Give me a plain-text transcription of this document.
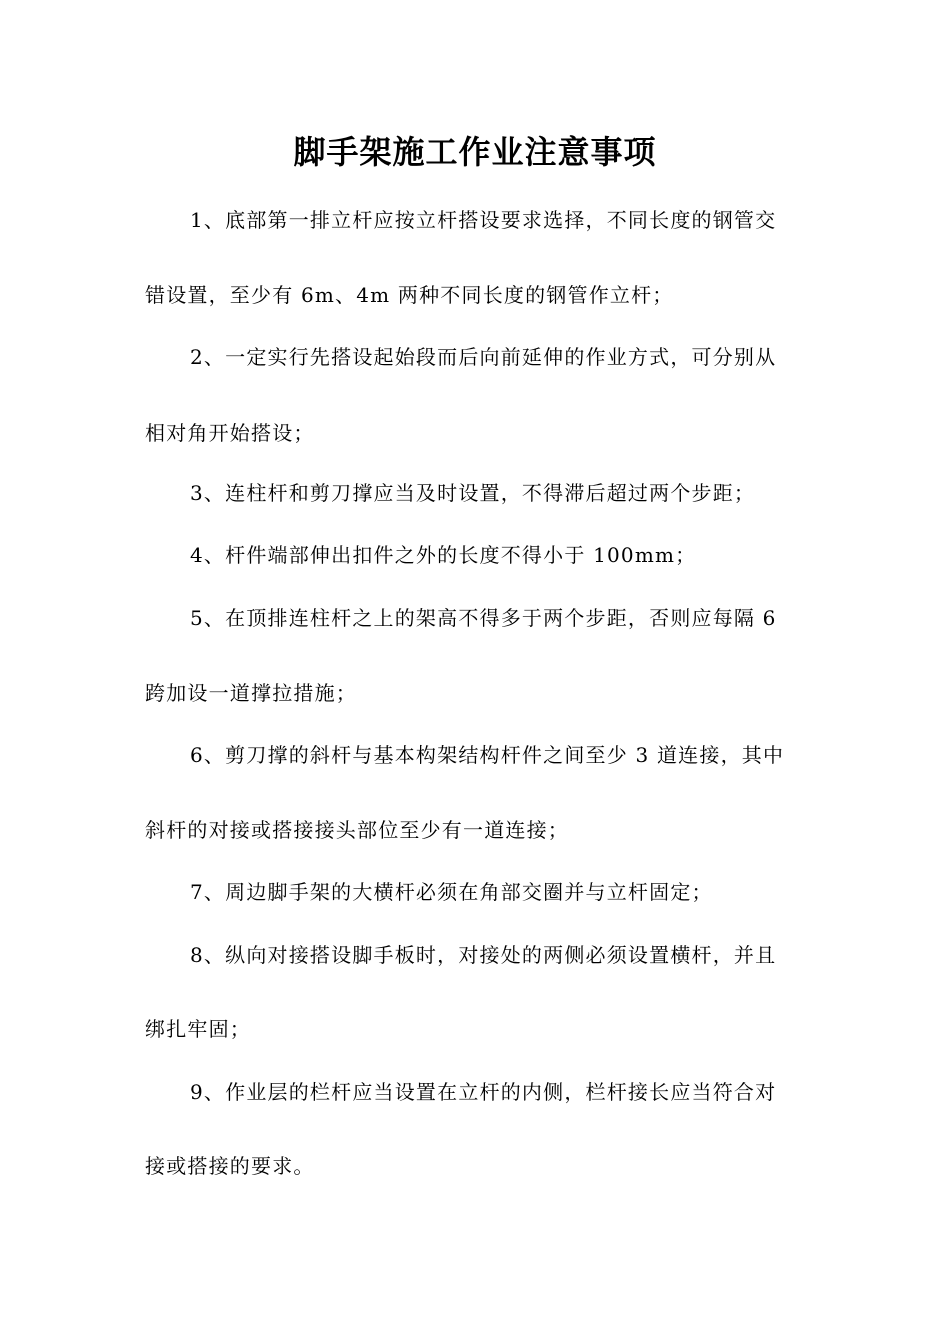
脚手架施工作业注意事项

1、底部第一排立杆应按立杆搭设要求选择，不同长度的钢管交

错设置，至少有 6m、4m 两种不同长度的钢管作立杆；

2、一定实行先搭设起始段而后向前延伸的作业方式，可分别从

相对角开始搭设；

3、连柱杆和剪刀撑应当及时设置，不得滞后超过两个步距；

4、杆件端部伸出扣件之外的长度不得小于 100mm；

5、在顶排连柱杆之上的架高不得多于两个步距，否则应每隔 6

跨加设一道撑拉措施；

6、剪刀撑的斜杆与基本构架结构杆件之间至少 3 道连接，其中

斜杆的对接或搭接接头部位至少有一道连接；

7、周边脚手架的大横杆必须在角部交圈并与立杆固定；

8、纵向对接搭设脚手板时，对接处的两侧必须设置横杆，并且

绑扎牢固；

9、作业层的栏杆应当设置在立杆的内侧，栏杆接长应当符合对

接或搭接的要求。
